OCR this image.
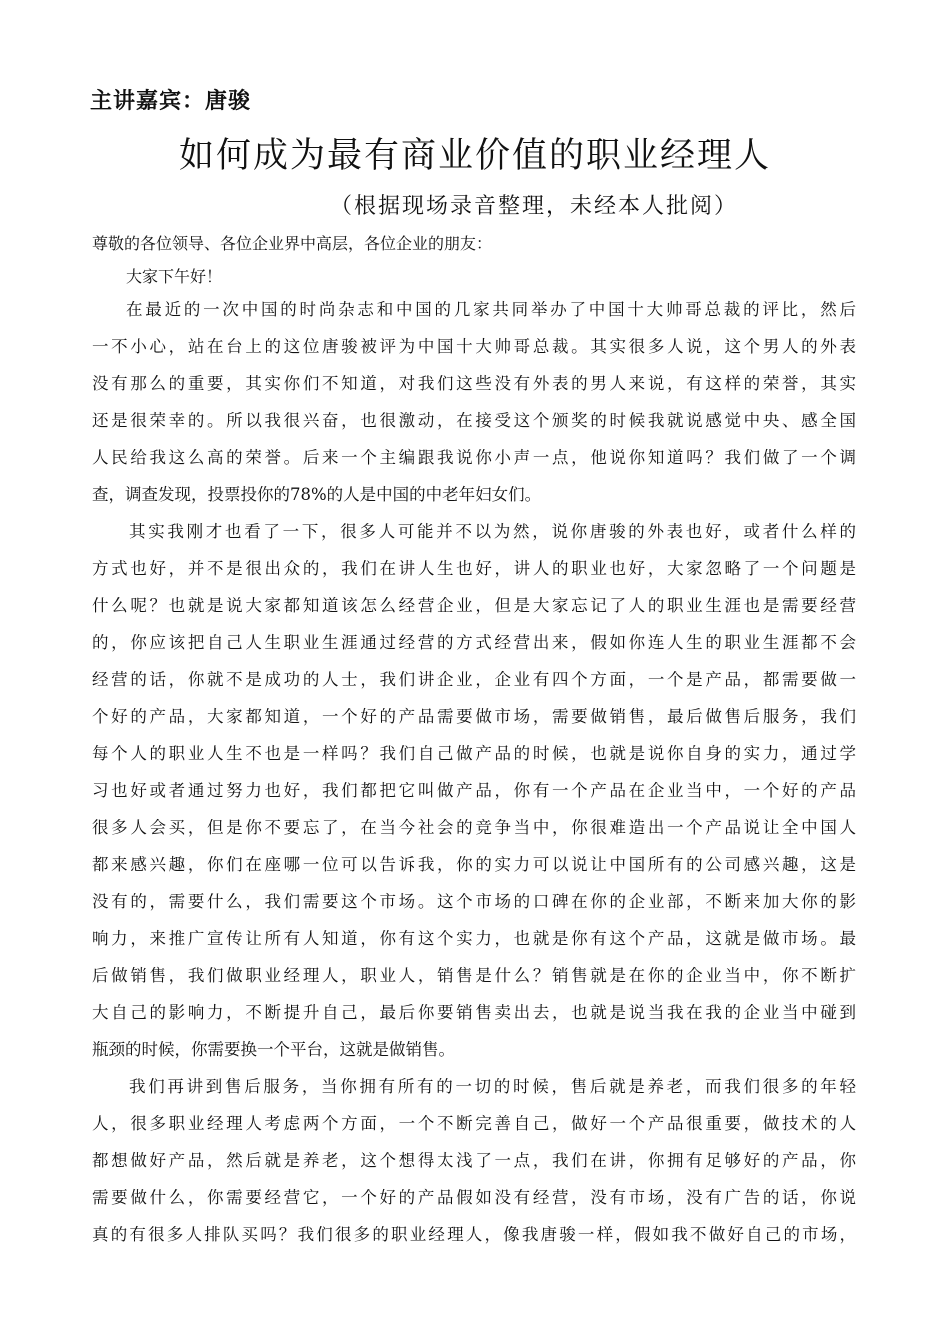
主讲嘉宾：唐骏
如何成为最有商业价值的职业经理人
（根据现场录音整理，未经本人批阅）
尊敬的各位领导、各位企业界中高层，各位企业的朋友：
大家下午好！
在最近的一次中国的时尚杂志和中国的几家共同举办了中国十大帅哥总裁的评比，然后
一不小心，站在台上的这位唐骏被评为中国十大帅哥总裁。其实很多人说，这个男人的外表
没有那么的重要，其实你们不知道，对我们这些没有外表的男人来说，有这样的荣誉，其实
还是很荣幸的。所以我很兴奋，也很激动，在接受这个颁奖的时候我就说感觉中央、感全国
人民给我这么高的荣誉。后来一个主编跟我说你小声一点，他说你知道吗？我们做了一个调
查，调查发现，投票投你的78%的人是中国的中老年妇女们。
其实我刚才也看了一下，很多人可能并不以为然，说你唐骏的外表也好，或者什么样的
方式也好，并不是很出众的，我们在讲人生也好，讲人的职业也好，大家忽略了一个问题是
什么呢？也就是说大家都知道该怎么经营企业，但是大家忘记了人的职业生涯也是需要经营
的，你应该把自己人生职业生涯通过经营的方式经营出来，假如你连人生的职业生涯都不会
经营的话，你就不是成功的人士，我们讲企业，企业有四个方面，一个是产品，都需要做一
个好的产品，大家都知道，一个好的产品需要做市场，需要做销售，最后做售后服务，我们
每个人的职业人生不也是一样吗？我们自己做产品的时候，也就是说你自身的实力，通过学
习也好或者通过努力也好，我们都把它叫做产品，你有一个产品在企业当中，一个好的产品
很多人会买，但是你不要忘了，在当今社会的竞争当中，你很难造出一个产品说让全中国人
都来感兴趣，你们在座哪一位可以告诉我，你的实力可以说让中国所有的公司感兴趣，这是
没有的，需要什么，我们需要这个市场。这个市场的口碑在你的企业部，不断来加大你的影
响力，来推广宣传让所有人知道，你有这个实力，也就是你有这个产品，这就是做市场。最
后做销售，我们做职业经理人，职业人，销售是什么？销售就是在你的企业当中，你不断扩
大自己的影响力，不断提升自己，最后你要销售卖出去，也就是说当我在我的企业当中碰到
瓶颈的时候，你需要换一个平台，这就是做销售。
我们再讲到售后服务，当你拥有所有的一切的时候，售后就是养老，而我们很多的年轻
人，很多职业经理人考虑两个方面，一个不断完善自己，做好一个产品很重要，做技术的人
都想做好产品，然后就是养老，这个想得太浅了一点，我们在讲，你拥有足够好的产品，你
需要做什么，你需要经营它，一个好的产品假如没有经营，没有市场，没有广告的话，你说
真的有很多人排队买吗？我们很多的职业经理人，像我唐骏一样，假如我不做好自己的市场，
